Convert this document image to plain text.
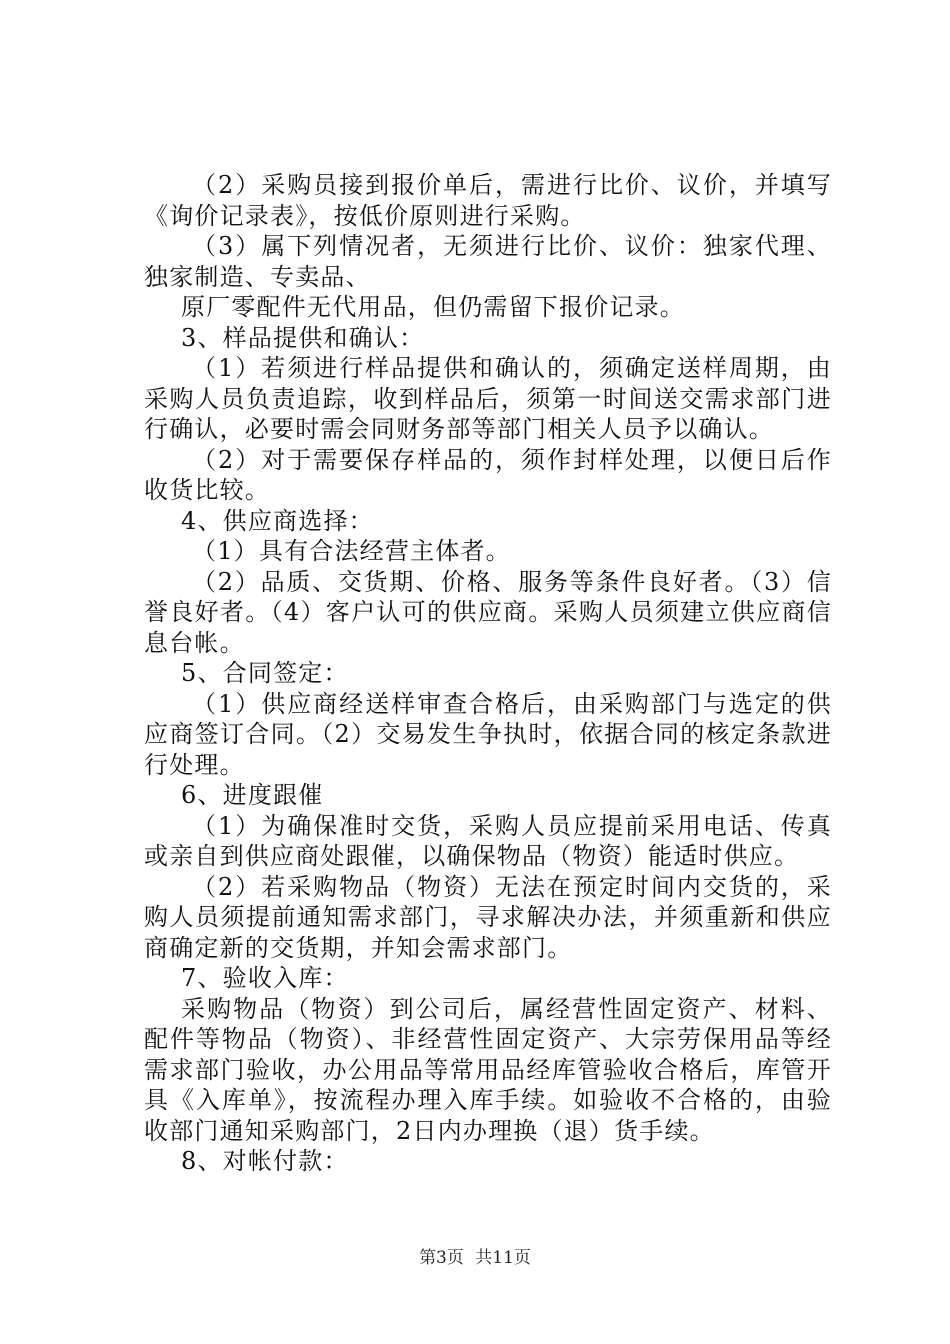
（2）采购员接到报价单后，需进行比价、议价，并填写《询价记录表》，按低价原则进行采购。

（3）属下列情况者，无须进行比价、议价：独家代理、独家制造、专卖品、

原厂零配件无代用品，但仍需留下报价记录。

3、样品提供和确认：

（1）若须进行样品提供和确认的，须确定送样周期，由采购人员负责追踪，收到样品后，须第一时间送交需求部门进行确认，必要时需会同财务部等部门相关人员予以确认。

（2）对于需要保存样品的，须作封样处理，以便日后作收货比较。

4、供应商选择：

（1）具有合法经营主体者。

（2）品质、交货期、价格、服务等条件良好者。（3）信誉良好者。（4）客户认可的供应商。采购人员须建立供应商信息台帐。

5、合同签定：

（1）供应商经送样审查合格后，由采购部门与选定的供应商签订合同。（2）交易发生争执时，依据合同的核定条款进行处理。

6、进度跟催

（1）为确保准时交货，采购人员应提前采用电话、传真或亲自到供应商处跟催，以确保物品（物资）能适时供应。

（2）若采购物品（物资）无法在预定时间内交货的，采购人员须提前通知需求部门，寻求解决办法，并须重新和供应商确定新的交货期，并知会需求部门。

7、验收入库：

采购物品（物资）到公司后，属经营性固定资产、材料、配件等物品（物资）、非经营性固定资产、大宗劳保用品等经需求部门验收，办公用品等常用品经库管验收合格后，库管开具《入库单》，按流程办理入库手续。如验收不合格的，由验收部门通知采购部门，2日内办理换（退）货手续。

8、对帐付款：

第3页 共11页
